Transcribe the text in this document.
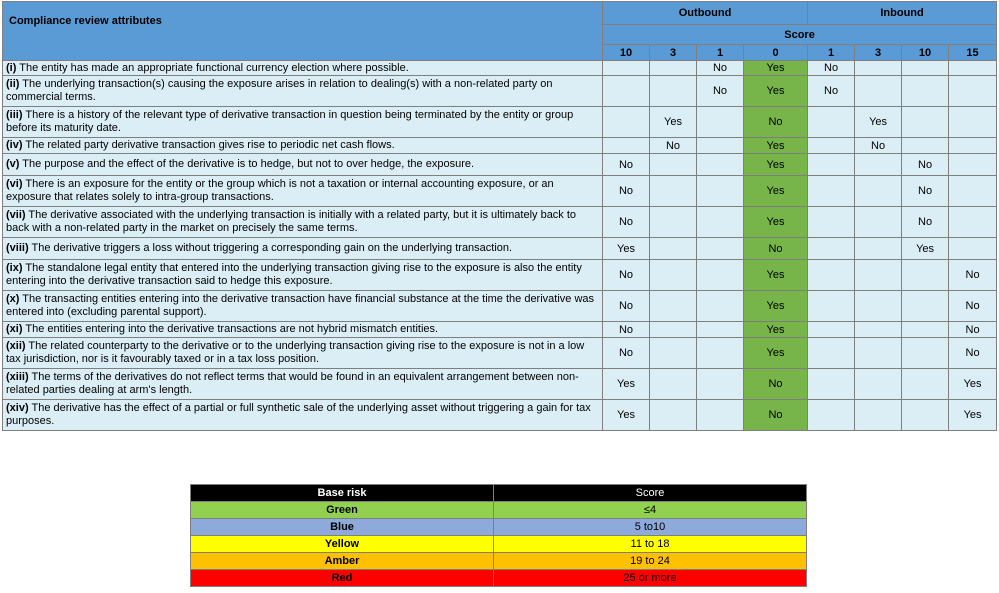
Compliance review attributes	Outbound				Inbound			
	Score							
	10	3	1	0	1	3	10	15
(i) The entity has made an appropriate functional currency election where possible.			No	Yes	No			
(ii) The underlying transaction(s) causing the exposure arises in relation to dealing(s) with a non-related party on commercial terms.			No	Yes	No			
(iii) There is a history of the relevant type of derivative transaction in question being terminated by the entity or group before its maturity date.		Yes		No		Yes		
(iv) The related party derivative transaction gives rise to periodic net cash flows.		No		Yes		No		
(v) The purpose and the effect of the derivative is to hedge, but not to over hedge, the exposure.	No			Yes			No	
(vi) There is an exposure for the entity or the group which is not a taxation or internal accounting exposure, or an exposure that relates solely to intra-group transactions.	No			Yes			No	
(vii) The derivative associated with the underlying transaction is initially with a related party, but it is ultimately back to back with a non-related party in the market on precisely the same terms.	No			Yes			No	
(viii) The derivative triggers a loss without triggering a corresponding gain on the underlying transaction.	Yes			No			Yes	
(ix) The standalone legal entity that entered into the underlying transaction giving rise to the exposure is also the entity entering into the derivative transaction said to hedge this exposure.	No			Yes				No
(x) The transacting entities entering into the derivative transaction have financial substance at the time the derivative was entered into (excluding parental support).	No			Yes				No
(xi) The entities entering into the derivative transactions are not hybrid mismatch entities.	No			Yes				No
(xii) The related counterparty to the derivative or to the underlying transaction giving rise to the exposure is not in a low tax jurisdiction, nor is it favourably taxed or in a tax loss position.	No			Yes				No
(xiii) The terms of the derivatives do not reflect terms that would be found in an equivalent arrangement between non-related parties dealing at arm's length.	Yes			No				Yes
(xiv) The derivative has the effect of a partial or full synthetic sale of the underlying asset without triggering a gain for tax purposes.	Yes			No				Yes
Base risk	Score
Green	≤4
Blue	5 to10
Yellow	11 to 18
Amber	19 to 24
Red	25 or more
